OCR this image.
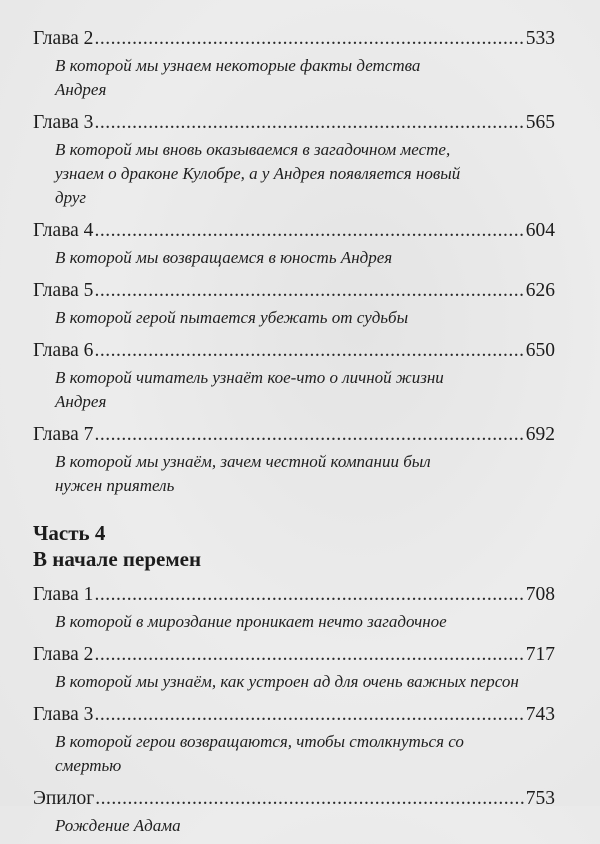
Глава 2 .....	533
В которой мы узнаем некоторые факты детства Андрея
Глава 3 .....	565
В которой мы вновь оказываемся в загадочном месте, узнаем о драконе Кулобре, а у Андрея появляется новый друг
Глава 4 .....	604
В которой мы возвращаемся в юность Андрея
Глава 5 .....	626
В которой герой пытается убежать от судьбы
Глава 6 .....	650
В которой читатель узнаёт кое-что о личной жизни Андрея
Глава 7 .....	692
В которой мы узнаём, зачем честной компании был нужен приятель
Часть 4
В начале перемен
Глава 1 .....	708
В которой в мироздание проникает нечто загадочное
Глава 2 .....	717
В которой мы узнаём, как устроен ад для очень важных персон
Глава 3 .....	743
В которой герои возвращаются, чтобы столкнуться со смертью
Эпилог .....	753
Рождение Адама
